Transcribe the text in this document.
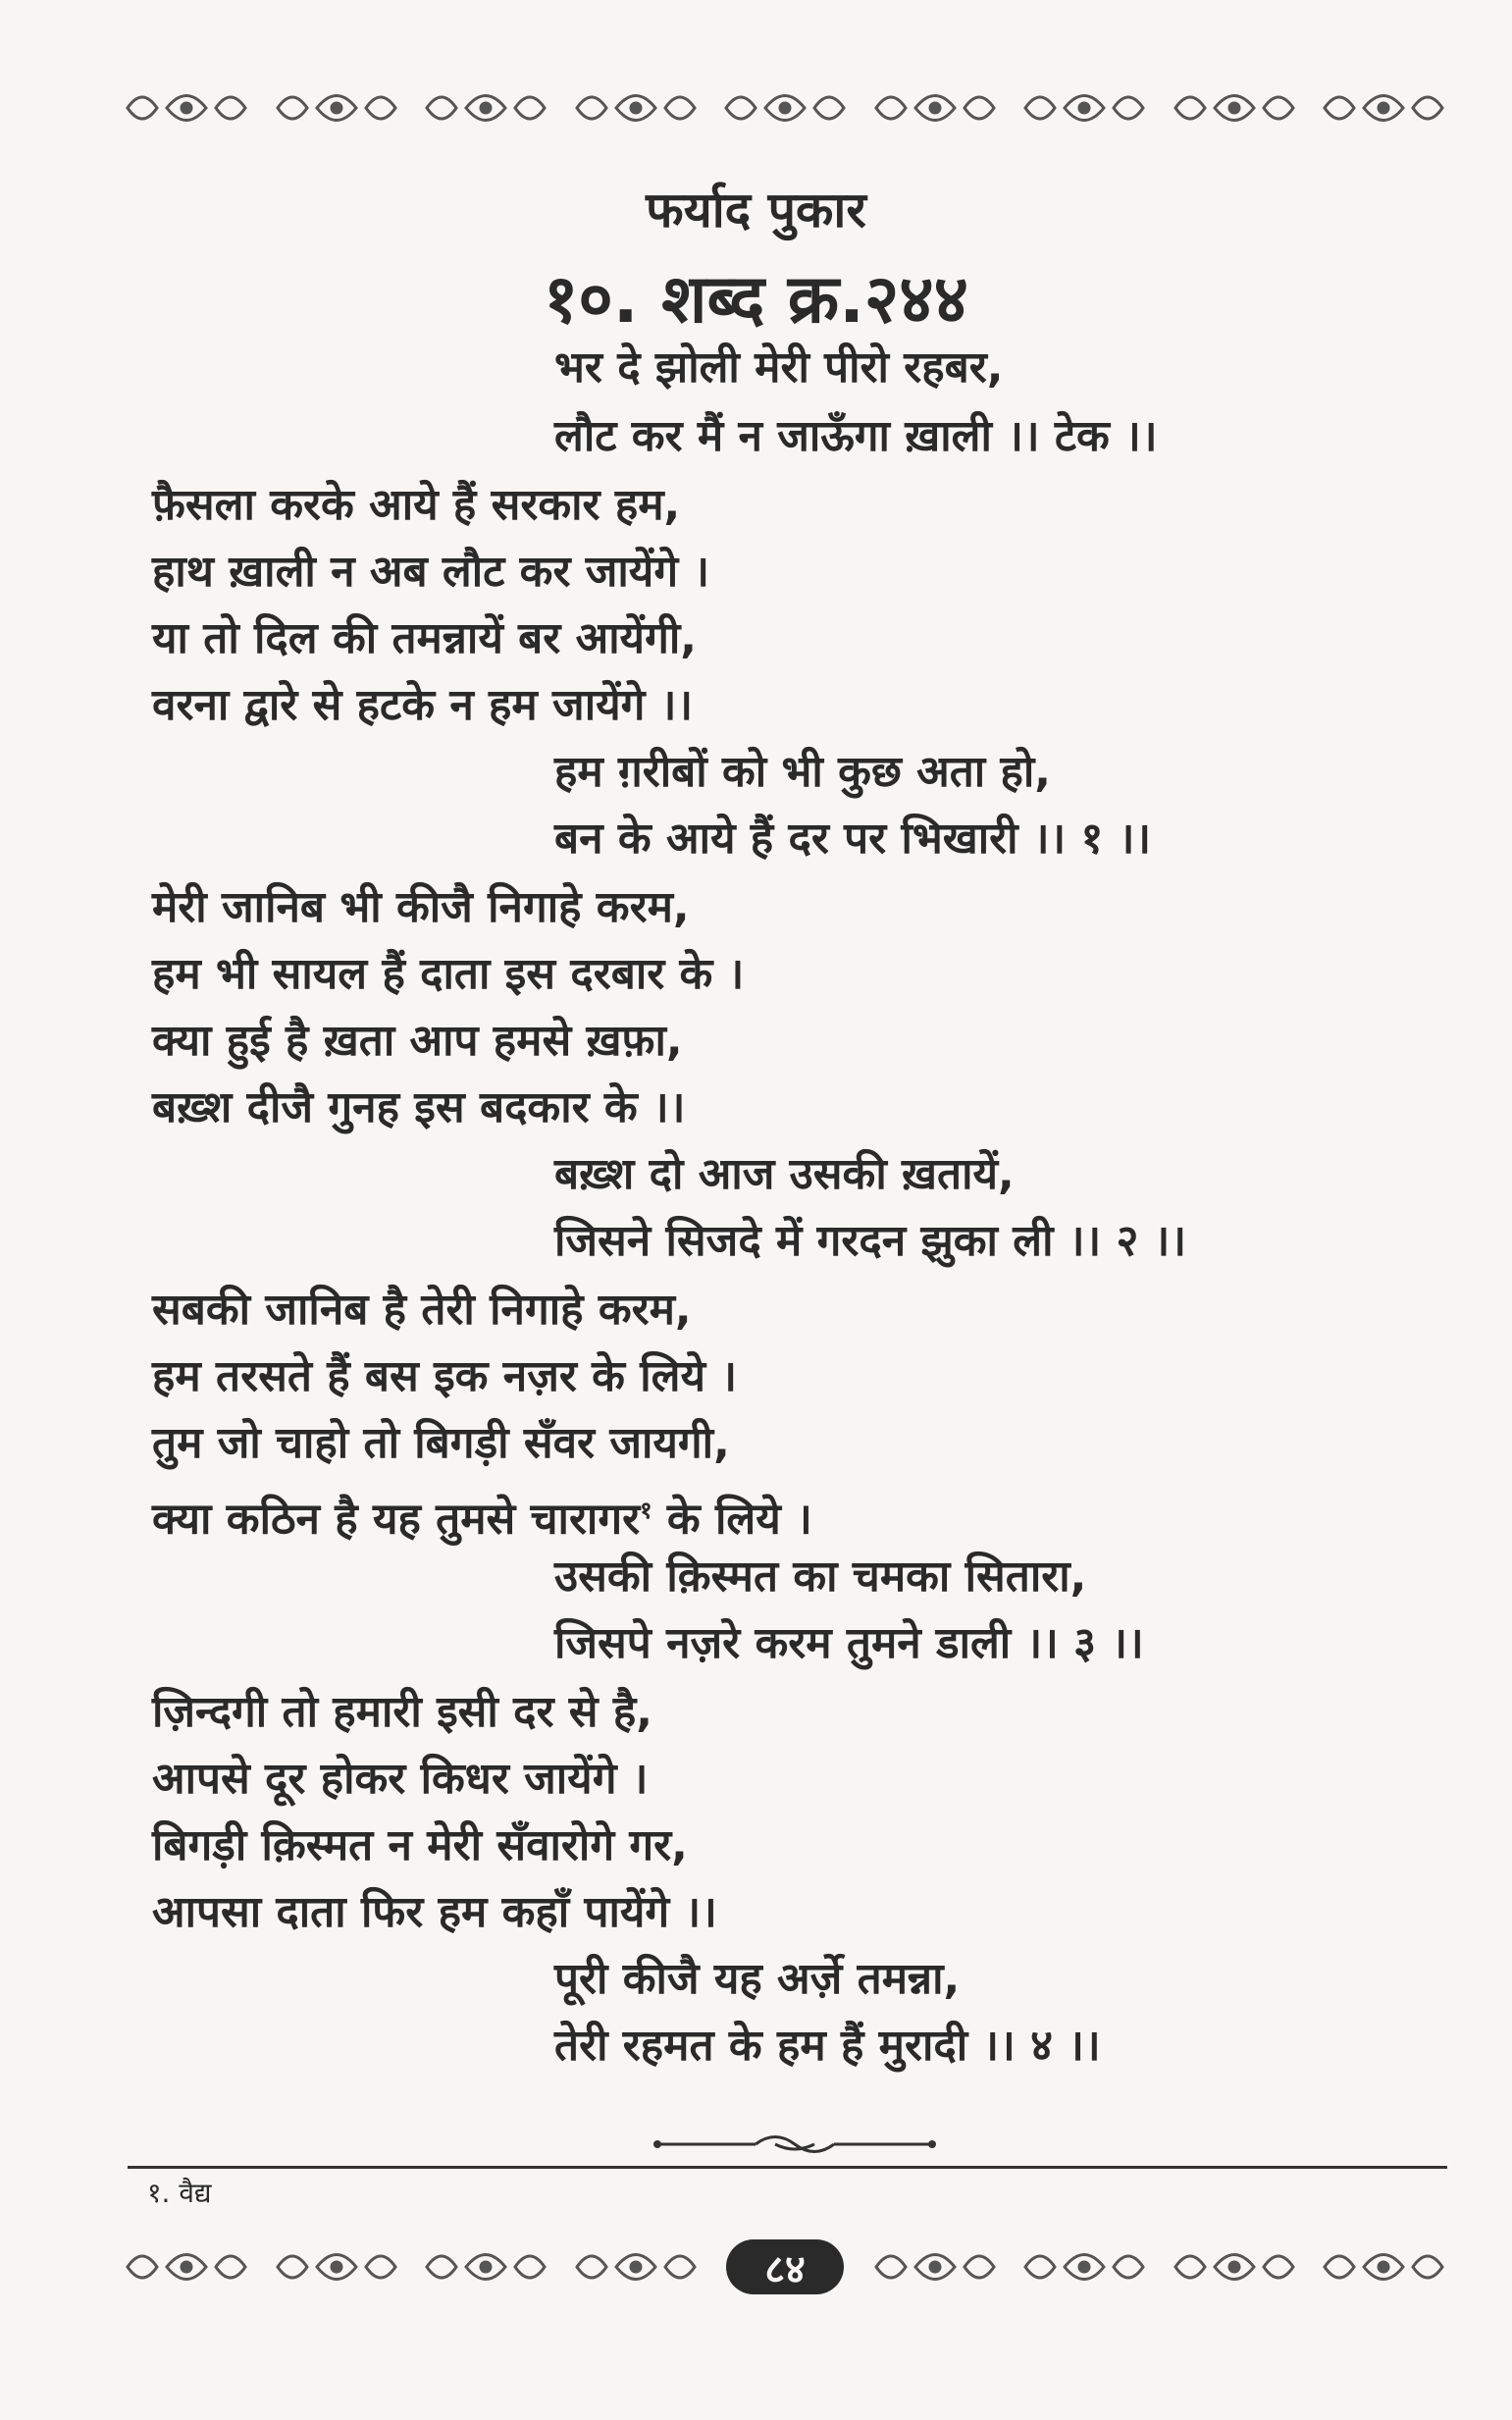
फर्याद पुकार

१०. शब्द क्र.२४४

भर दे झोली मेरी पीरो रहबर,
लौट कर मैं न जाऊँगा ख़ाली ।। टेक ।।
फ़ैसला करके आये हैं सरकार हम,
हाथ ख़ाली न अब लौट कर जायेंगे ।
या तो दिल की तमन्नायें बर आयेंगी,
वरना द्वारे से हटके न हम जायेंगे ।।
हम ग़रीबों को भी कुछ अता हो,
बन के आये हैं दर पर भिखारी ।। १ ।।
मेरी जानिब भी कीजै निगाहे करम,
हम भी सायल हैं दाता इस दरबार के ।
क्या हुई है ख़ता आप हमसे ख़फ़ा,
बख़्श दीजै गुनह इस बदकार के ।।
बख़्श दो आज उसकी ख़तायें,
जिसने सिजदे में गरदन झुका ली ।। २ ।।
सबकी जानिब है तेरी निगाहे करम,
हम तरसते हैं बस इक नज़र के लिये ।
तुम जो चाहो तो बिगड़ी सँवर जायगी,
क्या कठिन है यह तुमसे चारागर$^१$ के लिये ।
उसकी क़िस्मत का चमका सितारा,
जिसपे नज़रे करम तुमने डाली ।। ३ ।।
ज़िन्दगी तो हमारी इसी दर से है,
आपसे दूर होकर किधर जायेंगे ।
बिगड़ी क़िस्मत न मेरी सँवारोगे गर,
आपसा दाता फिर हम कहाँ पायेंगे ।।
पूरी कीजै यह अर्ज़े तमन्ना,
तेरी रहमत के हम हैं मुरादी ।। ४ ।।
१. वैद्य
८४
